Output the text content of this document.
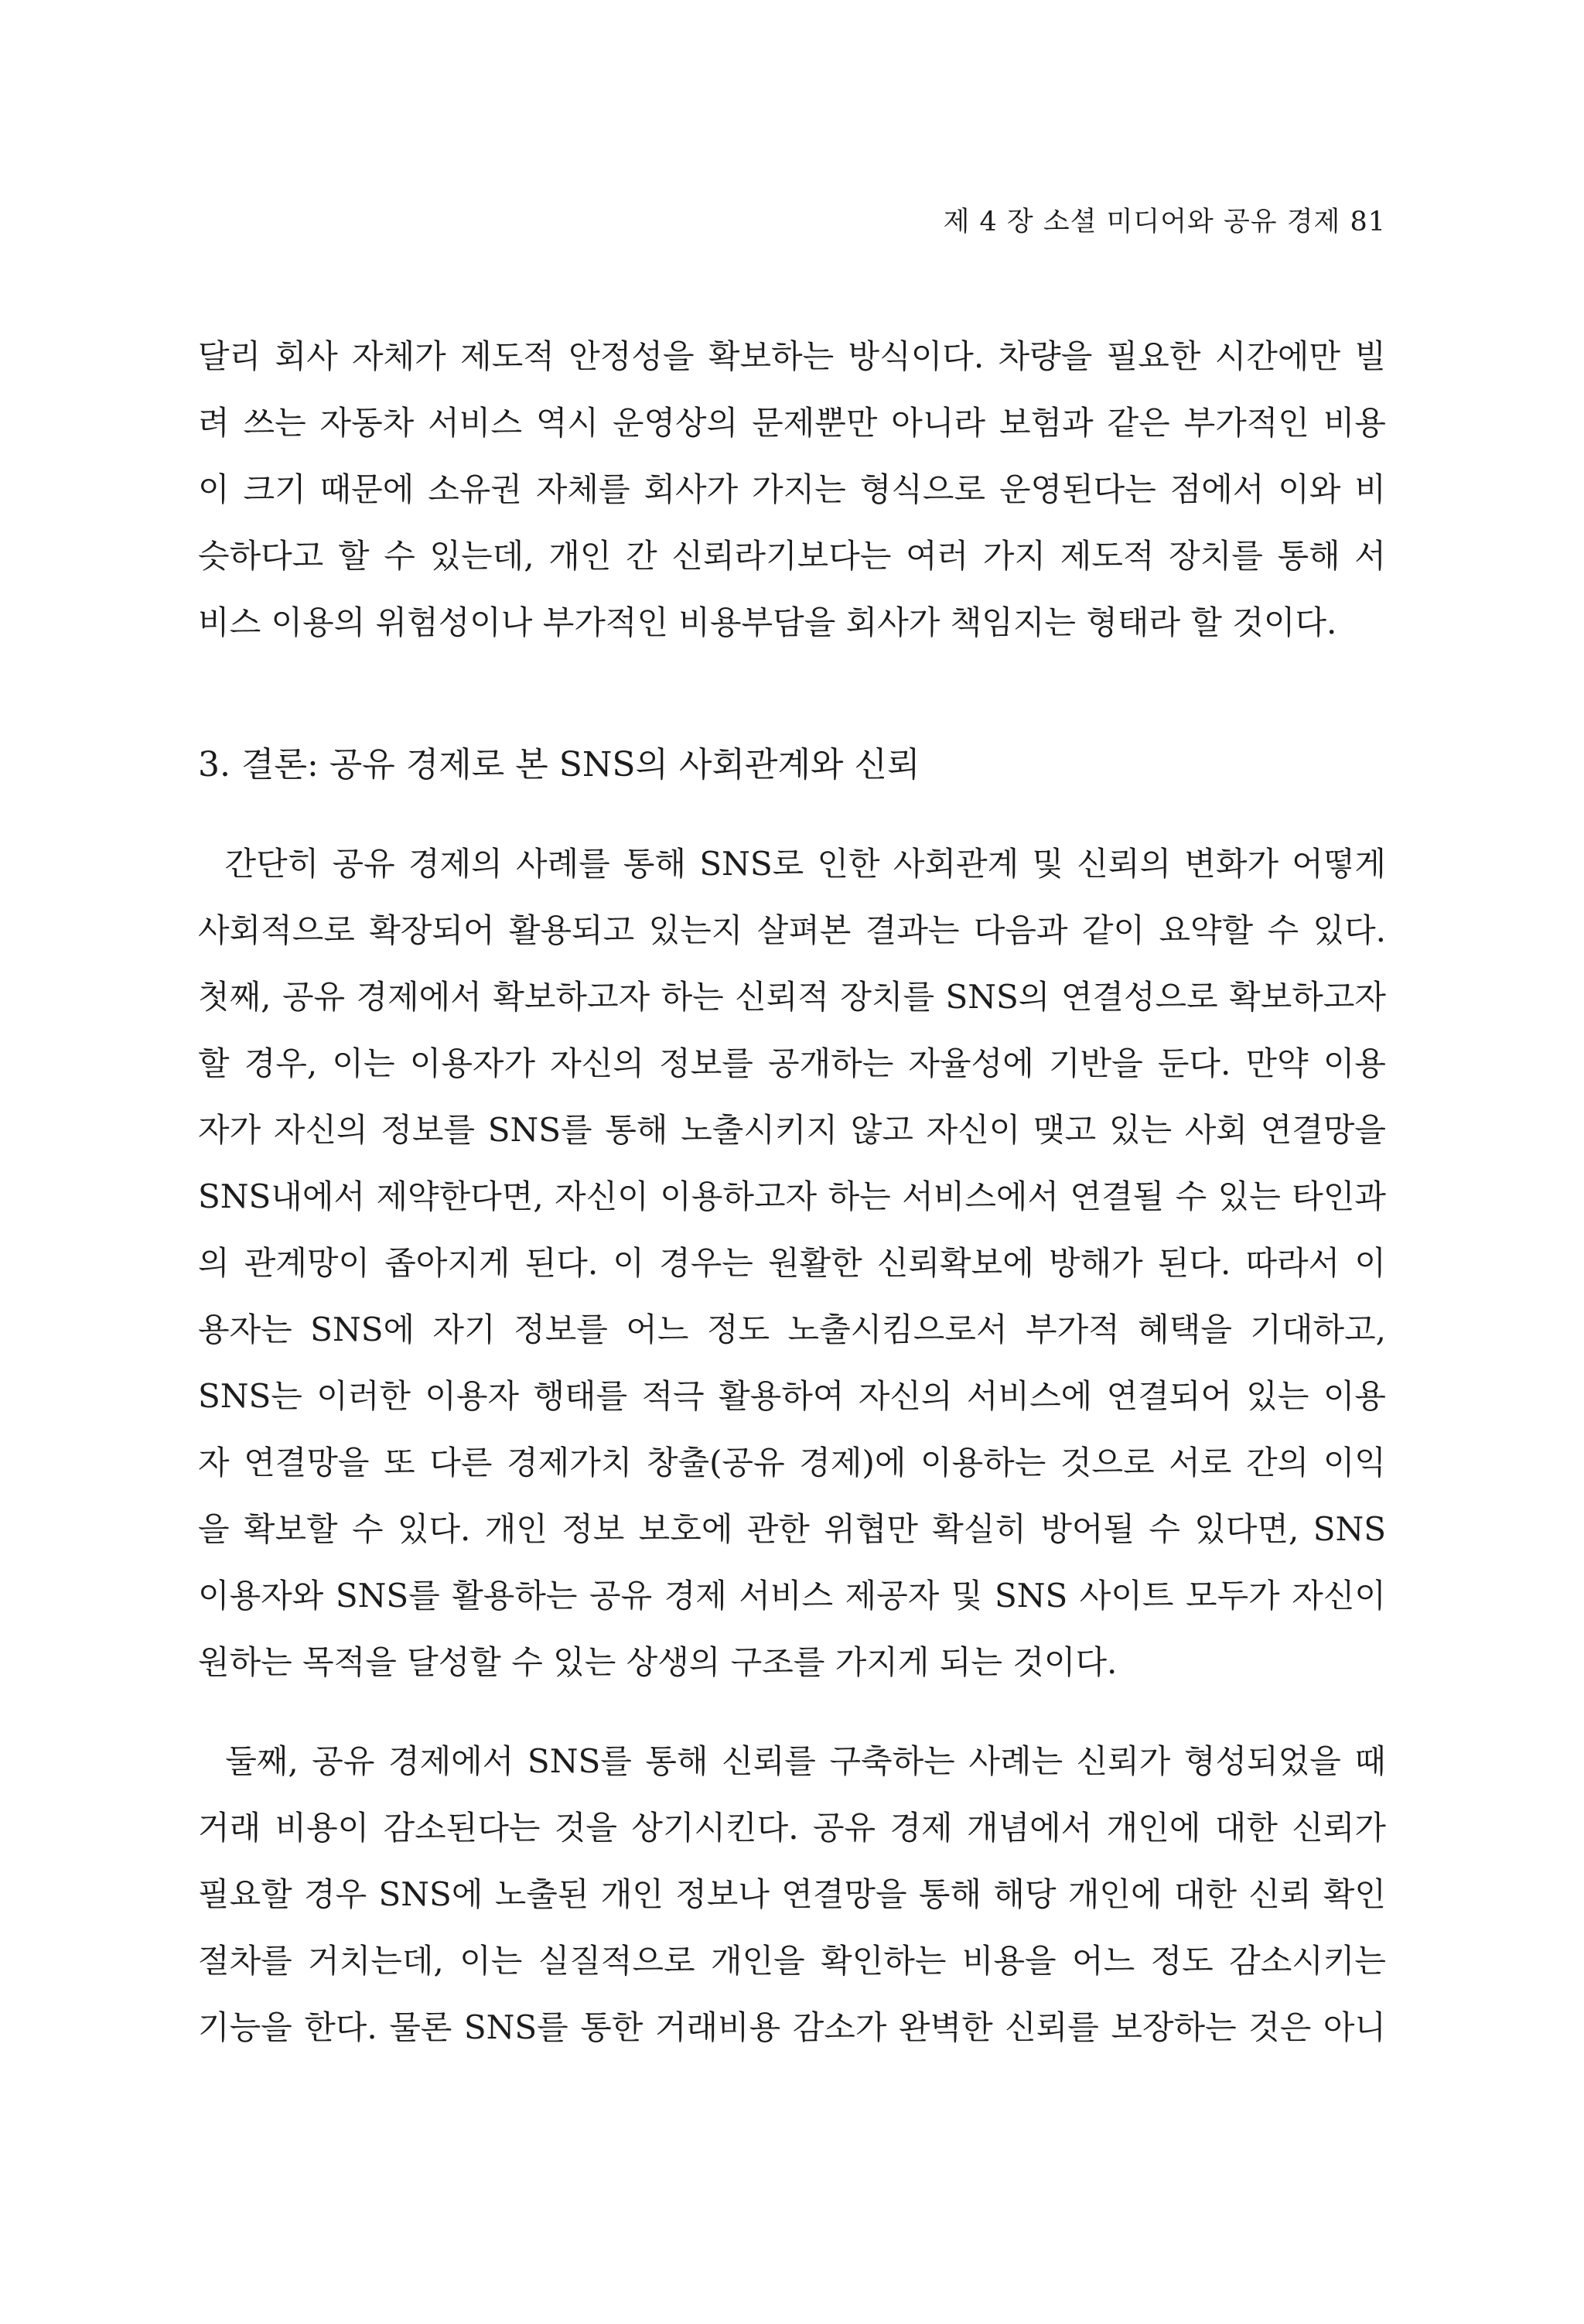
제 4 장 소셜 미디어와 공유 경제 81
달리 회사 자체가 제도적 안정성을 확보하는 방식이다. 차량을 필요한 시간에만 빌
려 쓰는 자동차 서비스 역시 운영상의 문제뿐만 아니라 보험과 같은 부가적인 비용
이 크기 때문에 소유권 자체를 회사가 가지는 형식으로 운영된다는 점에서 이와 비
슷하다고 할 수 있는데, 개인 간 신뢰라기보다는 여러 가지 제도적 장치를 통해 서
비스 이용의 위험성이나 부가적인 비용부담을 회사가 책임지는 형태라 할 것이다.
3. 결론: 공유 경제로 본 SNS의 사회관계와 신뢰
간단히 공유 경제의 사례를 통해 SNS로 인한 사회관계 및 신뢰의 변화가 어떻게
사회적으로 확장되어 활용되고 있는지 살펴본 결과는 다음과 같이 요약할 수 있다.
첫째, 공유 경제에서 확보하고자 하는 신뢰적 장치를 SNS의 연결성으로 확보하고자
할 경우, 이는 이용자가 자신의 정보를 공개하는 자율성에 기반을 둔다. 만약 이용
자가 자신의 정보를 SNS를 통해 노출시키지 않고 자신이 맺고 있는 사회 연결망을
SNS내에서 제약한다면, 자신이 이용하고자 하는 서비스에서 연결될 수 있는 타인과
의 관계망이 좁아지게 된다. 이 경우는 원활한 신뢰확보에 방해가 된다. 따라서 이
용자는 SNS에 자기 정보를 어느 정도 노출시킴으로서 부가적 혜택을 기대하고,
SNS는 이러한 이용자 행태를 적극 활용하여 자신의 서비스에 연결되어 있는 이용
자 연결망을 또 다른 경제가치 창출(공유 경제)에 이용하는 것으로 서로 간의 이익
을 확보할 수 있다. 개인 정보 보호에 관한 위협만 확실히 방어될 수 있다면, SNS
이용자와 SNS를 활용하는 공유 경제 서비스 제공자 및 SNS 사이트 모두가 자신이
원하는 목적을 달성할 수 있는 상생의 구조를 가지게 되는 것이다.
둘째, 공유 경제에서 SNS를 통해 신뢰를 구축하는 사례는 신뢰가 형성되었을 때
거래 비용이 감소된다는 것을 상기시킨다. 공유 경제 개념에서 개인에 대한 신뢰가
필요할 경우 SNS에 노출된 개인 정보나 연결망을 통해 해당 개인에 대한 신뢰 확인
절차를 거치는데, 이는 실질적으로 개인을 확인하는 비용을 어느 정도 감소시키는
기능을 한다. 물론 SNS를 통한 거래비용 감소가 완벽한 신뢰를 보장하는 것은 아니
